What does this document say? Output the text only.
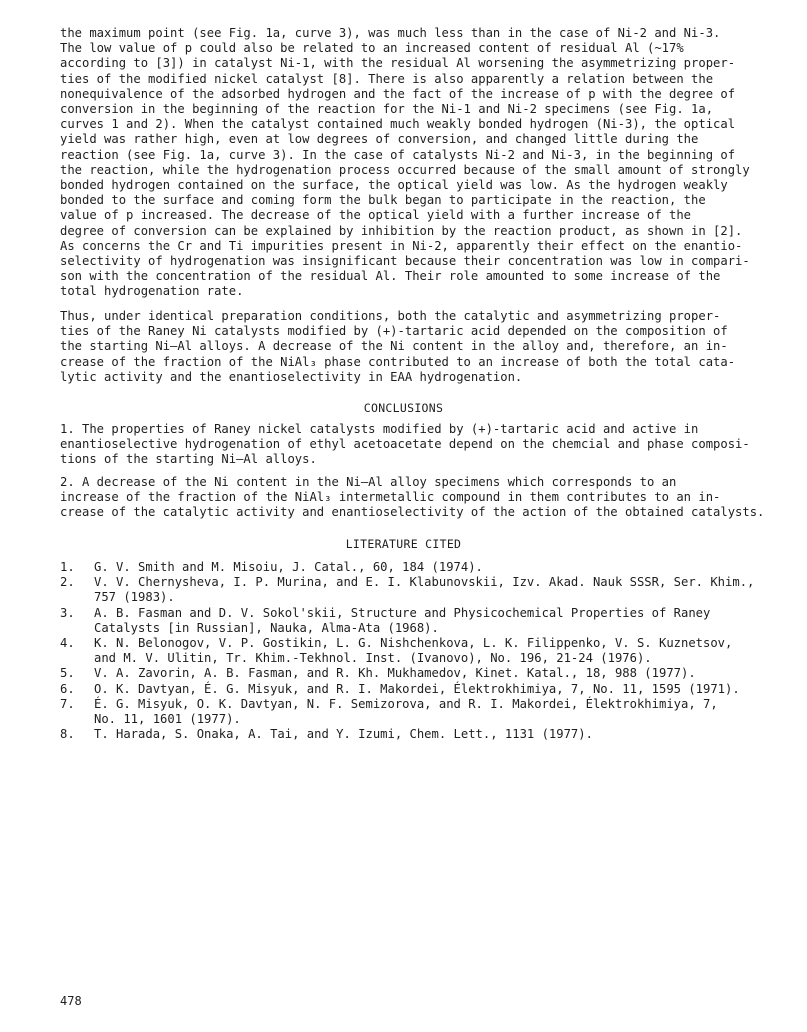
the maximum point (see Fig. 1a, curve 3), was much less than in the case of Ni-2 and Ni-3.
The low value of p could also be related to an increased content of residual Al (~17%
according to [3]) in catalyst Ni-1, with the residual Al worsening the asymmetrizing proper-
ties of the modified nickel catalyst [8]. There is also apparently a relation between the
nonequivalence of the adsorbed hydrogen and the fact of the increase of p with the degree of
conversion in the beginning of the reaction for the Ni-1 and Ni-2 specimens (see Fig. 1a,
curves 1 and 2). When the catalyst contained much weakly bonded hydrogen (Ni-3), the optical
yield was rather high, even at low degrees of conversion, and changed little during the
reaction (see Fig. 1a, curve 3). In the case of catalysts Ni-2 and Ni-3, in the beginning of
the reaction, while the hydrogenation process occurred because of the small amount of strongly
bonded hydrogen contained on the surface, the optical yield was low. As the hydrogen weakly
bonded to the surface and coming form the bulk began to participate in the reaction, the
value of p increased. The decrease of the optical yield with a further increase of the
degree of conversion can be explained by inhibition by the reaction product, as shown in [2].
As concerns the Cr and Ti impurities present in Ni-2, apparently their effect on the enantio-
selectivity of hydrogenation was insignificant because their concentration was low in compari-
son with the concentration of the residual Al. Their role amounted to some increase of the
total hydrogenation rate.
Thus, under identical preparation conditions, both the catalytic and asymmetrizing proper-
ties of the Raney Ni catalysts modified by (+)-tartaric acid depended on the composition of
the starting Ni—Al alloys. A decrease of the Ni content in the alloy and, therefore, an in-
crease of the fraction of the NiAl₃ phase contributed to an increase of both the total cata-
lytic activity and the enantioselectivity in EAA hydrogenation.
CONCLUSIONS
1. The properties of Raney nickel catalysts modified by (+)-tartaric acid and active in
enantioselective hydrogenation of ethyl acetoacetate depend on the chemcial and phase composi-
tions of the starting Ni—Al alloys.
2. A decrease of the Ni content in the Ni—Al alloy specimens which corresponds to an
increase of the fraction of the NiAl₃ intermetallic compound in them contributes to an in-
crease of the catalytic activity and enantioselectivity of the action of the obtained catalysts.
LITERATURE CITED
1.	G. V. Smith and M. Misoiu, J. Catal., 60, 184 (1974).
2.	V. V. Chernysheva, I. P. Murina, and E. I. Klabunovskii, Izv. Akad. Nauk SSSR, Ser. Khim.,
757 (1983).
3.	A. B. Fasman and D. V. Sokol'skii, Structure and Physicochemical Properties of Raney
Catalysts [in Russian], Nauka, Alma-Ata (1968).
4.	K. N. Belonogov, V. P. Gostikin, L. G. Nishchenkova, L. K. Filippenko, V. S. Kuznetsov,
and M. V. Ulitin, Tr. Khim.-Tekhnol. Inst. (Ivanovo), No. 196, 21-24 (1976).
5.	V. A. Zavorin, A. B. Fasman, and R. Kh. Mukhamedov, Kinet. Katal., 18, 988 (1977).
6.	O. K. Davtyan, É. G. Misyuk, and R. I. Makordei, Élektrokhimiya, 7, No. 11, 1595 (1971).
7.	É. G. Misyuk, O. K. Davtyan, N. F. Semizorova, and R. I. Makordei, Élektrokhimiya, 7,
No. 11, 1601 (1977).
8.	T. Harada, S. Onaka, A. Tai, and Y. Izumi, Chem. Lett., 1131 (1977).
478
